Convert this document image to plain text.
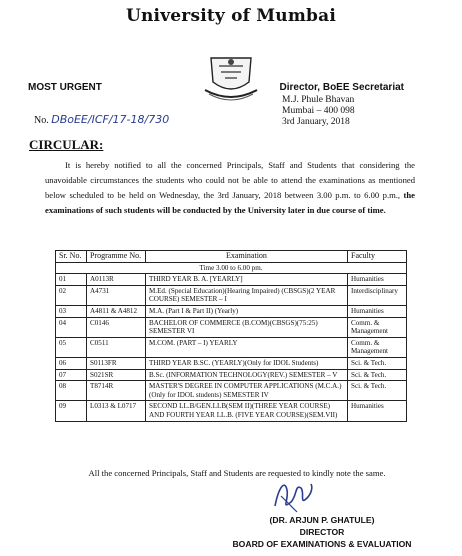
University of Mumbai
MOST URGENT	Director, BoEE Secretariat
M.J. Phule Bhavan
Mumbai – 400 098
3rd January, 2018
No. DBoEE/ICF/17-18/730
CIRCULAR:
It is hereby notified to all the concerned Principals, Staff and Students that considering the unavoidable circumstances the students who could not be able to attend the examinations as mentioned below scheduled to be held on Wednesday, the 3rd January, 2018 between 3.00 p.m. to 6.00 p.m., the examinations of such students will be conducted by the University later in due course of time.
Sr. No.	Programme No.	Examination	Faculty
Time 3.00 to 6.00 pm.			
01	A0113R	THIRD YEAR B. A. [YEARLY]	Humanities
02	A4731	M.Ed. (Special Education)(Hearing Impaired) (CBSGS)(2 YEAR COURSE) SEMESTER – I	Interdisciplinary
03	A4811 & A4812	M.A. (Part I & Part II) (Yearly)	Humanities
04	C0146	BACHELOR OF COMMERCE (B.COM)(CBSGS)(75:25) SEMESTER VI	Comm. & Management
05	C0511	M.COM. (PART – I) YEARLY	Comm. & Management
06	S0113FR	THIRD YEAR B.SC. (YEARLY)(Only for IDOL Students)	Sci. & Tech.
07	S021SR	B.Sc. (INFORMATION TECHNOLOGY(REV.) SEMESTER – V	Sci. & Tech.
08	T8714R	MASTER'S DEGREE IN COMPUTER APPLICATIONS (M.C.A.)(Only for IDOL students) SEMESTER IV	Sci. & Tech.
09	L0313 & L0717	SECOND LL.B/GEN.LLB(SEM II)(THREE YEAR COURSE) AND FOURTH YEAR LL.B. (FIVE YEAR COURSE)(SEM.VII)	Humanities
All the concerned Principals, Staff and Students are requested to kindly note the same.
(DR. ARJUN P. GHATULE)
DIRECTOR
BOARD OF EXAMINATIONS & EVALUATION
